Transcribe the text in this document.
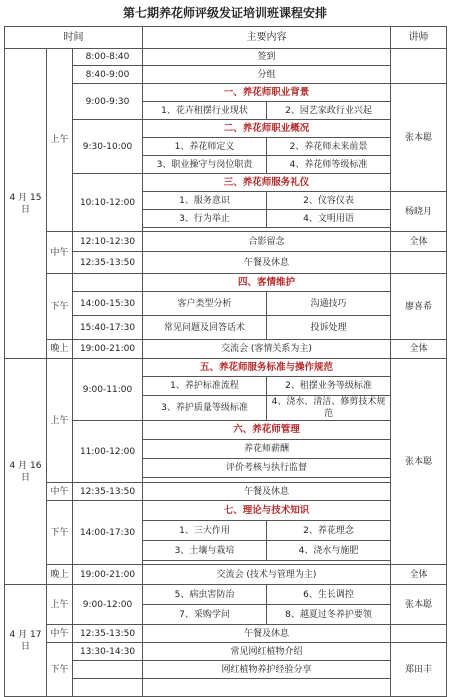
第七期养花师评级发证培训班课程安排
时间			主要内容		讲师
4 月 15 日	上午	8:00-8:40	签到		
		8:40-9:00	分组		
		9:00-9:30	一、养花师职业背景		张本聪
			1、花卉租摆行业现状	2、园艺家政行业兴起	
		9:30-10:00	二、养花师职业概况		
			1、养花师定义	2、养花师未来前景	
			3、职业操守与岗位职责	4、养花师等级标准	
		10:10-12:00	三、养花师服务礼仪		
			1、服务意识	2、仪容仪表	杨晓月
			3、行为举止	4、文明用语	

	中午	12:10-12:30	合影留念		全体
		12:35-13:50	午餐及休息		
	下午		四、客情维护		廖喜希
		14:00-15:30	客户类型分析	沟通技巧	

		15:40-17:30	常见问题及回答话术	投诉处理	

	晚上	19:00-21:00	交流会 (客情关系为主)		全体
4 月 16 日	上午	9:00-11:00	五、养花师服务标准与操作规范		张本聪
			1、养护标准流程	2、租摆业务等级标准	
			3、养护质量等级标准	4、浇水、清洁、修剪技术规范	
		11:00-12:00	六、养花师管理		
			养花师薪酬		
			评价考核与执行监督		

	中午	12:35-13:50	午餐及休息		
	下午	14:00-17:30	七、理论与技术知识		
			1、三大作用	2、养花理念	
			3、土壤与栽培	4、浇水与施肥	

	晚上	19:00-21:00	交流会 (技术与管理为主)		全体
4 月 17 日	上午	9:00-12:00	5、病虫害防治	6、生长调控	张本聪
			7、采购学问	8、越夏过冬养护要领	
	中午	12:35-13:50	午餐及休息		
	下午	13:30-14:30	常见网红植物介绍		郑田丰
			网红植物养护经验分享		
